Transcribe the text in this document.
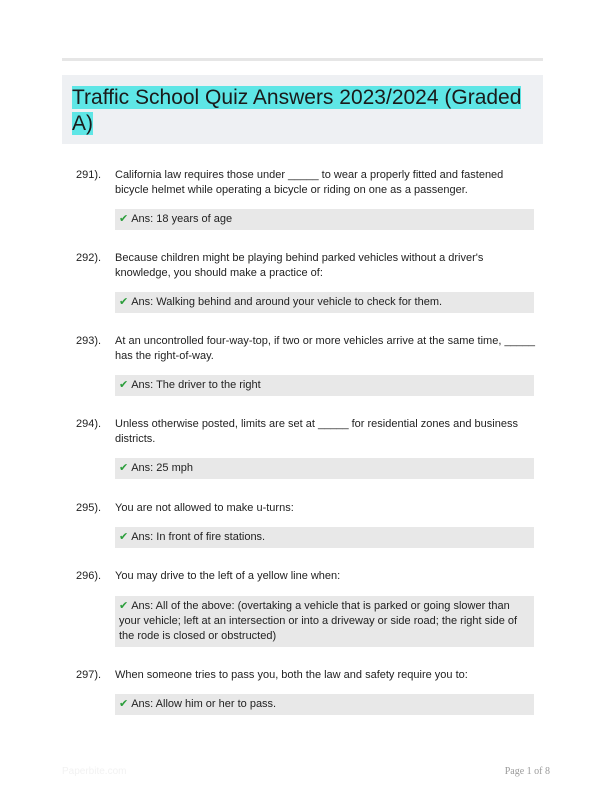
Traffic School Quiz Answers 2023/2024 (Graded A)
291). California law requires those under _____ to wear a properly fitted and fastened bicycle helmet while operating a bicycle or riding on one as a passenger.
✔ Ans: 18 years of age
292). Because children might be playing behind parked vehicles without a driver's knowledge, you should make a practice of:
✔ Ans: Walking behind and around your vehicle to check for them.
293). At an uncontrolled four-way-top, if two or more vehicles arrive at the same time, _____ has the right-of-way.
✔ Ans: The driver to the right
294). Unless otherwise posted, limits are set at _____ for residential zones and business districts.
✔ Ans: 25 mph
295). You are not allowed to make u-turns:
✔ Ans: In front of fire stations.
296). You may drive to the left of a yellow line when:
✔ Ans: All of the above: (overtaking a vehicle that is parked or going slower than your vehicle; left at an intersection or into a driveway or side road; the right side of the rode is closed or obstructed)
297). When someone tries to pass you, both the law and safety require you to:
✔ Ans: Allow him or her to pass.
Paperbite.com	Page 1 of 8
